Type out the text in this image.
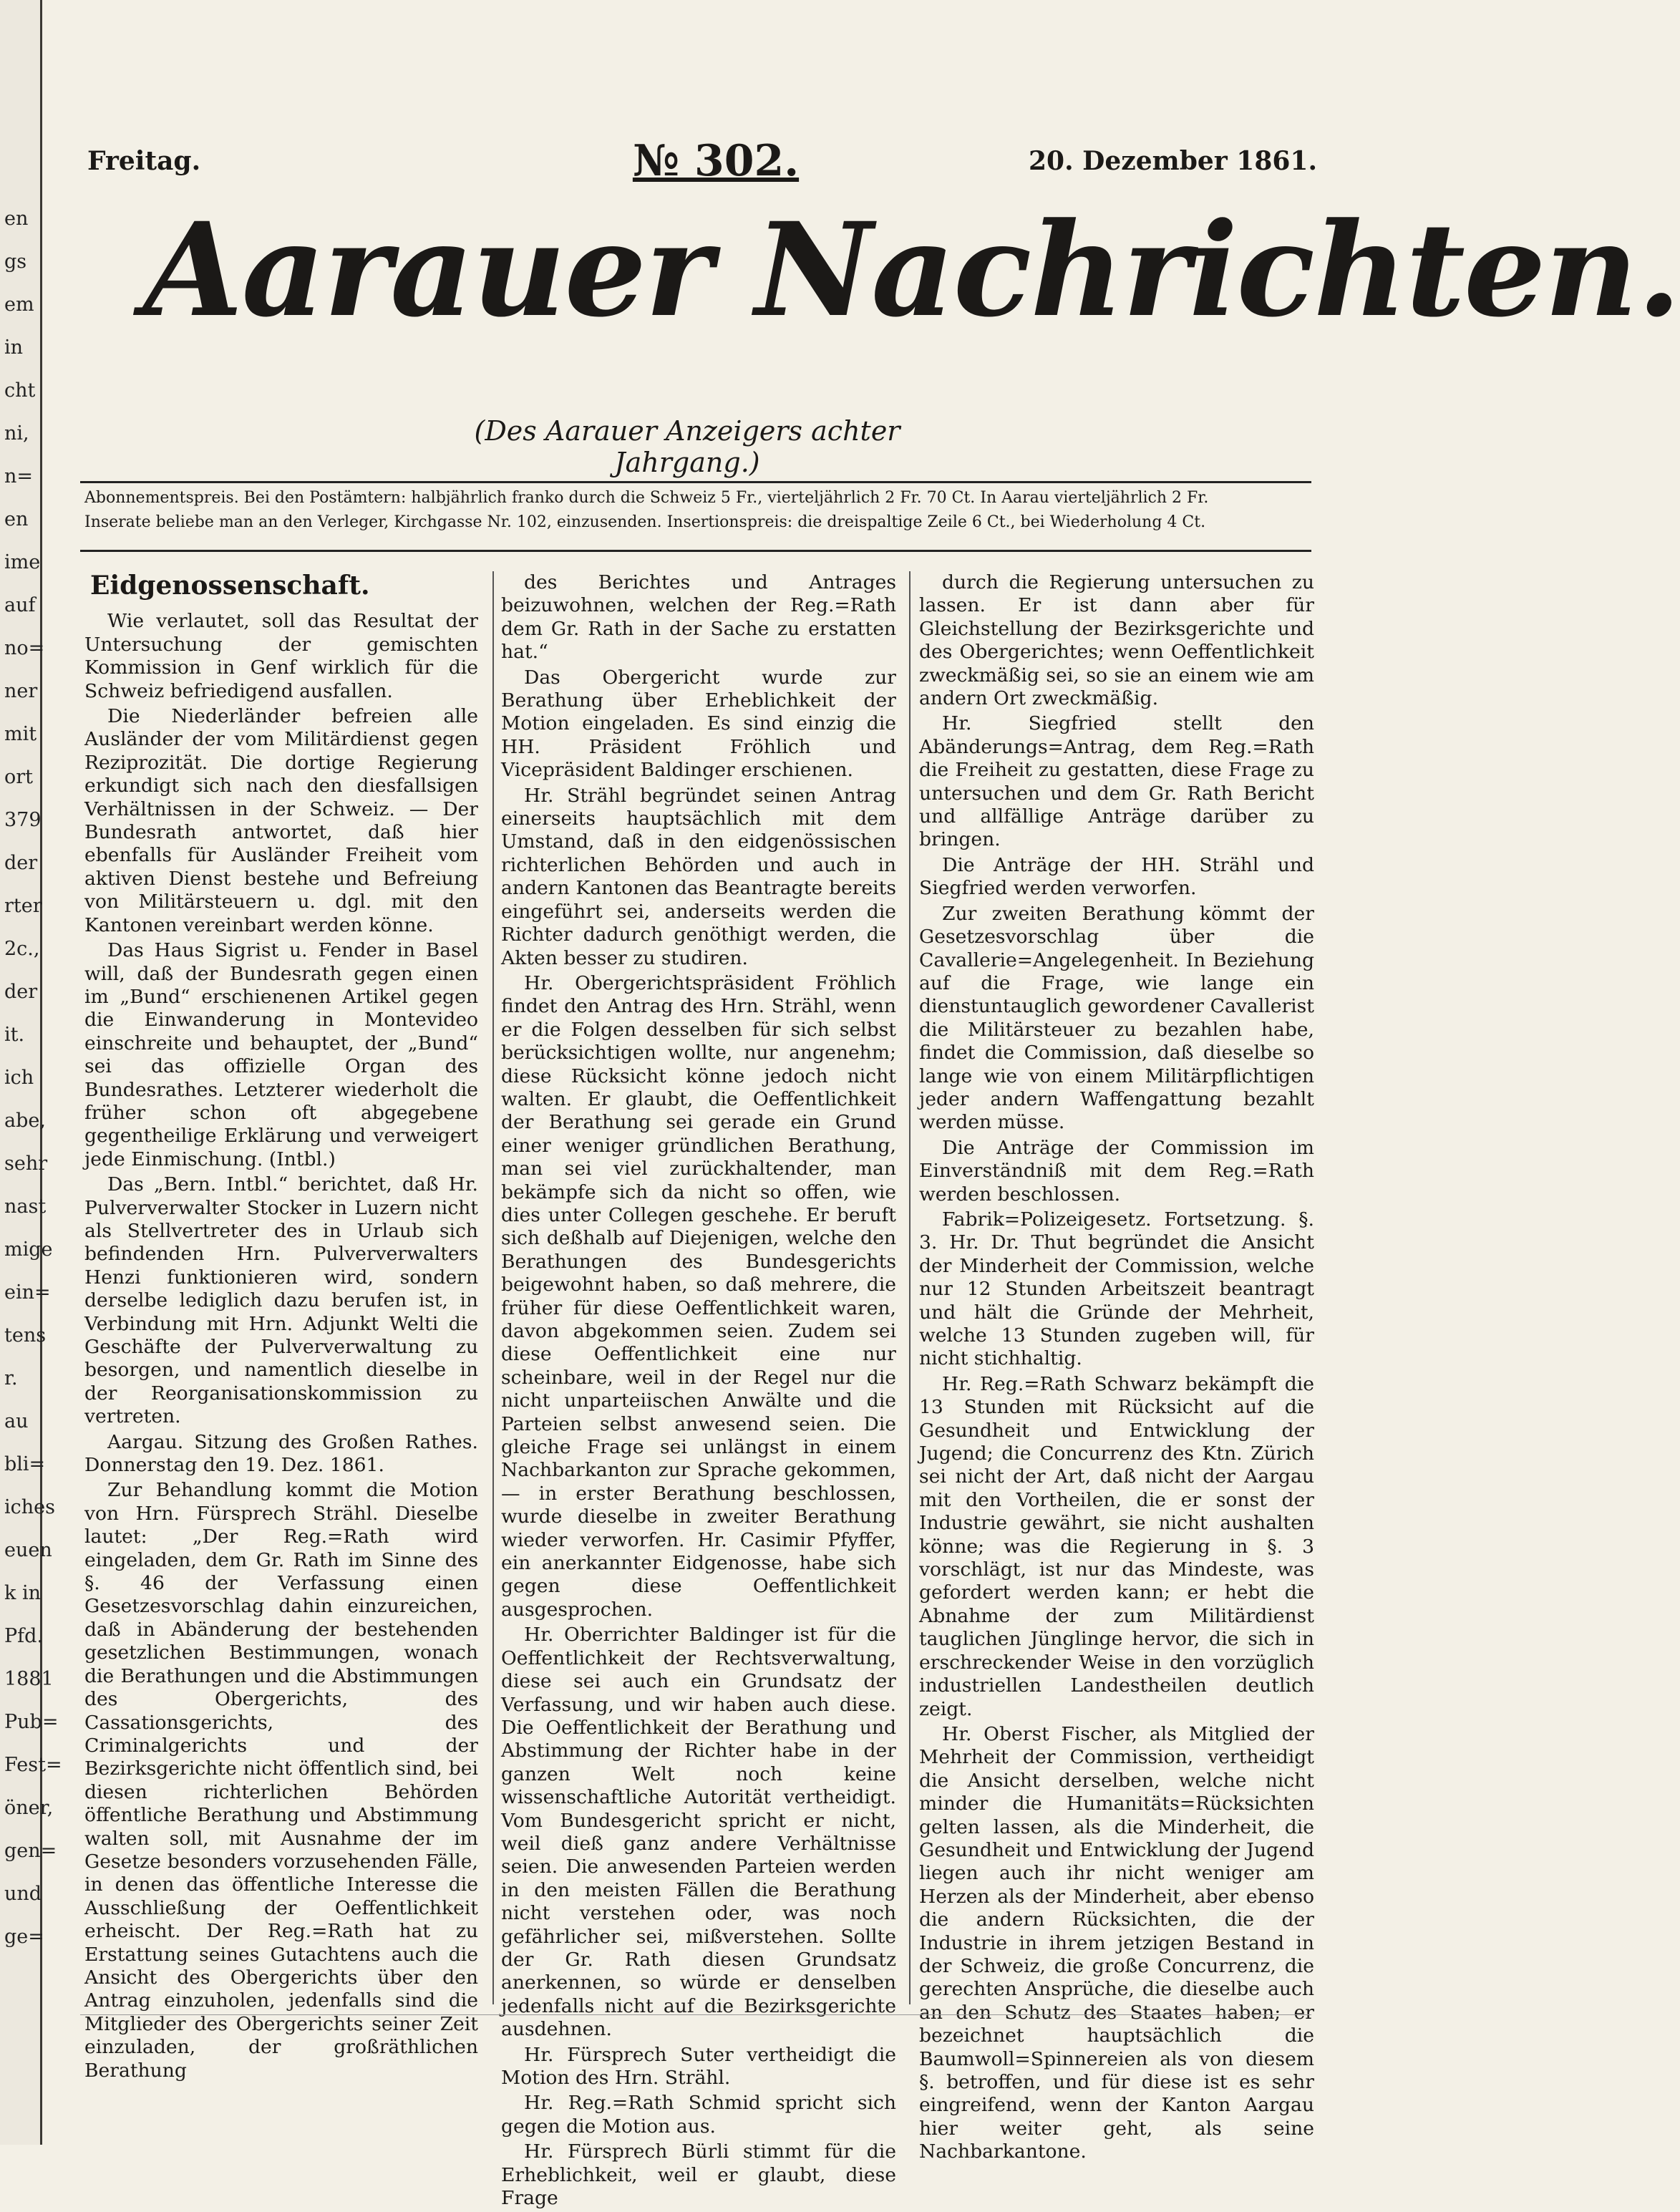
en
gs
em
in
cht
ni,
n=
en
ime
auf
no=
ner
mit
ort
379
der
rter
2c.,
der
it.
ich
abe,
sehr
nast
mige
ein=
tens
r.
au
bli=
iches
euen
k in
Pfd.
1881
Pub=
Fest=
öner,
gen=
und
ge=
Freitag.	№ 302.	20. Dezember 1861.
Aarauer Nachrichten.
(Des Aarauer Anzeigers achter Jahrgang.)
Abonnementspreis. Bei den Postämtern: halbjährlich franko durch die Schweiz 5 Fr., vierteljährlich 2 Fr. 70 Ct. In Aarau vierteljährlich 2 Fr.
Inserate beliebe man an den Verleger, Kirchgasse Nr. 102, einzusenden. Insertionspreis: die dreispaltige Zeile 6 Ct., bei Wiederholung 4 Ct.
Eidgenossenschaft.

Wie verlautet, soll das Resultat der Untersuchung der gemischten Kommission in Genf wirklich für die Schweiz befriedigend ausfallen.

Die Niederländer befreien alle Ausländer der vom Militärdienst gegen Reziprozität. Die dortige Regierung erkundigt sich nach den diesfallsigen Verhältnissen in der Schweiz. — Der Bundesrath antwortet, daß hier ebenfalls für Ausländer Freiheit vom aktiven Dienst bestehe und Befreiung von Militärsteuern u. dgl. mit den Kantonen vereinbart werden könne.

Das Haus Sigrist u. Fender in Basel will, daß der Bundesrath gegen einen im „Bund“ erschienenen Artikel gegen die Einwanderung in Montevideo einschreite und behauptet, der „Bund“ sei das offizielle Organ des Bundesrathes. Letzterer wiederholt die früher schon oft abgegebene gegentheilige Erklärung und verweigert jede Einmischung. (Intbl.)

Das „Bern. Intbl.“ berichtet, daß Hr. Pulververwalter Stocker in Luzern nicht als Stellvertreter des in Urlaub sich befindenden Hrn. Pulververwalters Henzi funktionieren wird, sondern derselbe lediglich dazu berufen ist, in Verbindung mit Hrn. Adjunkt Welti die Geschäfte der Pulververwaltung zu besorgen, und namentlich dieselbe in der Reorganisationskommission zu vertreten.

Aargau. Sitzung des Großen Rathes. Donnerstag den 19. Dez. 1861.

Zur Behandlung kommt die Motion von Hrn. Fürsprech Strähl. Dieselbe lautet: „Der Reg.=Rath wird eingeladen, dem Gr. Rath im Sinne des §. 46 der Verfassung einen Gesetzesvorschlag dahin einzureichen, daß in Abänderung der bestehenden gesetzlichen Bestimmungen, wonach die Berathungen und die Abstimmungen des Obergerichts, des Cassationsgerichts, des Criminalgerichts und der Bezirksgerichte nicht öffentlich sind, bei diesen richterlichen Behörden öffentliche Berathung und Abstimmung walten soll, mit Ausnahme der im Gesetze besonders vorzusehenden Fälle, in denen das öffentliche Interesse die Ausschließung der Oeffentlichkeit erheischt. Der Reg.=Rath hat zu Erstattung seines Gutachtens auch die Ansicht des Obergerichts über den Antrag einzuholen, jedenfalls sind die Mitglieder des Obergerichts seiner Zeit einzuladen, der großräthlichen Berathung

des Berichtes und Antrages beizuwohnen, welchen der Reg.=Rath dem Gr. Rath in der Sache zu erstatten hat.“

Das Obergericht wurde zur Berathung über Erheblichkeit der Motion eingeladen. Es sind einzig die HH. Präsident Fröhlich und Vicepräsident Baldinger erschienen.

Hr. Strähl begründet seinen Antrag einerseits hauptsächlich mit dem Umstand, daß in den eidgenössischen richterlichen Behörden und auch in andern Kantonen das Beantragte bereits eingeführt sei, anderseits werden die Richter dadurch genöthigt werden, die Akten besser zu studiren.

Hr. Obergerichtspräsident Fröhlich findet den Antrag des Hrn. Strähl, wenn er die Folgen desselben für sich selbst berücksichtigen wollte, nur angenehm; diese Rücksicht könne jedoch nicht walten. Er glaubt, die Oeffentlichkeit der Berathung sei gerade ein Grund einer weniger gründlichen Berathung, man sei viel zurückhaltender, man bekämpfe sich da nicht so offen, wie dies unter Collegen geschehe. Er beruft sich deßhalb auf Diejenigen, welche den Berathungen des Bundesgerichts beigewohnt haben, so daß mehrere, die früher für diese Oeffentlichkeit waren, davon abgekommen seien. Zudem sei diese Oeffentlichkeit eine nur scheinbare, weil in der Regel nur die nicht unparteiischen Anwälte und die Parteien selbst anwesend seien. Die gleiche Frage sei unlängst in einem Nachbarkanton zur Sprache gekommen, — in erster Berathung beschlossen, wurde dieselbe in zweiter Berathung wieder verworfen. Hr. Casimir Pfyffer, ein anerkannter Eidgenosse, habe sich gegen diese Oeffentlichkeit ausgesprochen.

Hr. Oberrichter Baldinger ist für die Oeffentlichkeit der Rechtsverwaltung, diese sei auch ein Grundsatz der Verfassung, und wir haben auch diese. Die Oeffentlichkeit der Berathung und Abstimmung der Richter habe in der ganzen Welt noch keine wissenschaftliche Autorität vertheidigt. Vom Bundesgericht spricht er nicht, weil dieß ganz andere Verhältnisse seien. Die anwesenden Parteien werden in den meisten Fällen die Berathung nicht verstehen oder, was noch gefährlicher sei, mißverstehen. Sollte der Gr. Rath diesen Grundsatz anerkennen, so würde er denselben jedenfalls nicht auf die Bezirksgerichte ausdehnen.

Hr. Fürsprech Suter vertheidigt die Motion des Hrn. Strähl.

Hr. Reg.=Rath Schmid spricht sich gegen die Motion aus.

Hr. Fürsprech Bürli stimmt für die Erheblichkeit, weil er glaubt, diese Frage

durch die Regierung untersuchen zu lassen. Er ist dann aber für Gleichstellung der Bezirksgerichte und des Obergerichtes; wenn Oeffentlichkeit zweckmäßig sei, so sie an einem wie am andern Ort zweckmäßig.

Hr. Siegfried stellt den Abänderungs=Antrag, dem Reg.=Rath die Freiheit zu gestatten, diese Frage zu untersuchen und dem Gr. Rath Bericht und allfällige Anträge darüber zu bringen.

Die Anträge der HH. Strähl und Siegfried werden verworfen.

Zur zweiten Berathung kömmt der Gesetzesvorschlag über die Cavallerie=Angelegenheit. In Beziehung auf die Frage, wie lange ein dienstuntauglich gewordener Cavallerist die Militärsteuer zu bezahlen habe, findet die Commission, daß dieselbe so lange wie von einem Militärpflichtigen jeder andern Waffengattung bezahlt werden müsse.

Die Anträge der Commission im Einverständniß mit dem Reg.=Rath werden beschlossen.

Fabrik=Polizeigesetz. Fortsetzung. §. 3. Hr. Dr. Thut begründet die Ansicht der Minderheit der Commission, welche nur 12 Stunden Arbeitszeit beantragt und hält die Gründe der Mehrheit, welche 13 Stunden zugeben will, für nicht stichhaltig.

Hr. Reg.=Rath Schwarz bekämpft die 13 Stunden mit Rücksicht auf die Gesundheit und Entwicklung der Jugend; die Concurrenz des Ktn. Zürich sei nicht der Art, daß nicht der Aargau mit den Vortheilen, die er sonst der Industrie gewährt, sie nicht aushalten könne; was die Regierung in §. 3 vorschlägt, ist nur das Mindeste, was gefordert werden kann; er hebt die Abnahme der zum Militärdienst tauglichen Jünglinge hervor, die sich in erschreckender Weise in den vorzüglich industriellen Landestheilen deutlich zeigt.

Hr. Oberst Fischer, als Mitglied der Mehrheit der Commission, vertheidigt die Ansicht derselben, welche nicht minder die Humanitäts=Rücksichten gelten lassen, als die Minderheit, die Gesundheit und Entwicklung der Jugend liegen auch ihr nicht weniger am Herzen als der Minderheit, aber ebenso die andern Rücksichten, die der Industrie in ihrem jetzigen Bestand in der Schweiz, die große Concurrenz, die gerechten Ansprüche, die dieselbe auch an den Schutz des Staates haben; er bezeichnet hauptsächlich die Baumwoll=Spinnereien als von diesem §. betroffen, und für diese ist es sehr eingreifend, wenn der Kanton Aargau hier weiter geht, als seine Nachbarkantone.
